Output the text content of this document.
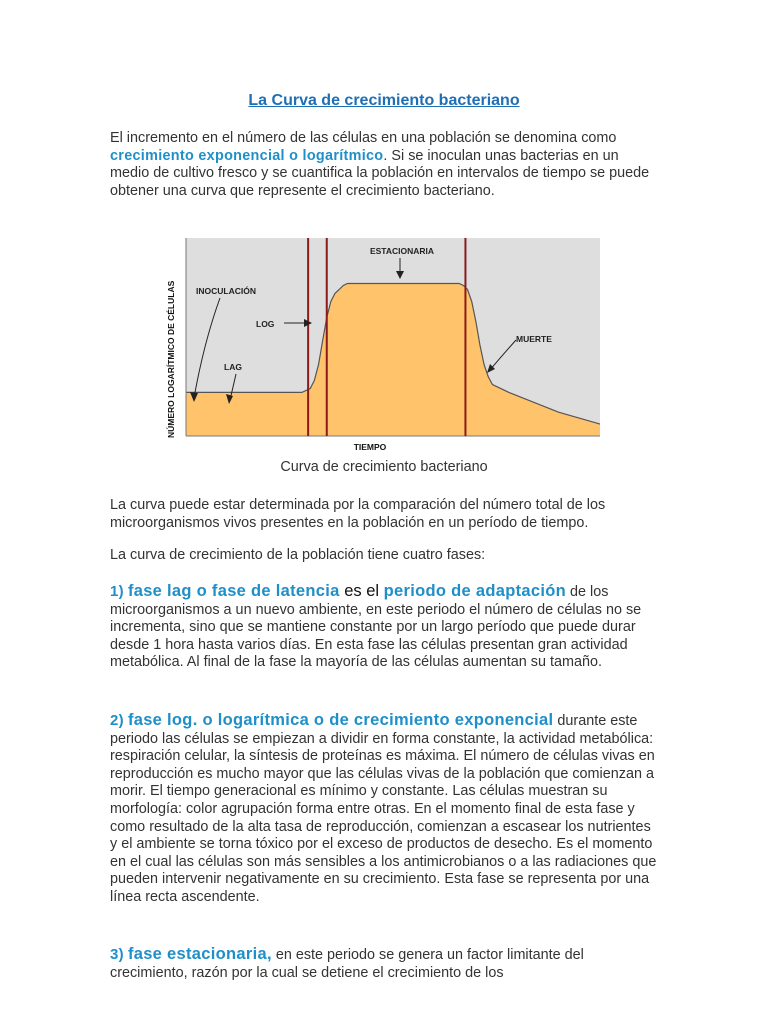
La Curva de crecimiento bacteriano
El incremento en el número de las células en una población se denomina como crecimiento exponencial o logarítmico. Si se inoculan unas bacterias en un medio de cultivo fresco y se cuantifica la población en intervalos de tiempo se puede obtener una curva que represente el crecimiento bacteriano.
NÚMERO LOGARÍTMICO DE CÉLULAS
TIEMPO
INOCULACIÓN
LOG
LAG
ESTACIONARIA
MUERTE
Curva de crecimiento bacteriano
La curva puede estar determinada por la comparación del número total de los microorganismos vivos presentes en la población en un período de tiempo.
La curva de crecimiento de la población tiene cuatro fases:
1) fase lag o fase de latencia es el periodo de adaptación de los microorganismos a un nuevo ambiente, en este periodo el número de células no se incrementa, sino que se mantiene constante por un largo período que puede durar desde 1 hora hasta varios días. En esta fase las células presentan gran actividad metabólica. Al final de la fase la mayoría de las células aumentan su tamaño.
2) fase log. o logarítmica o de crecimiento exponencial durante este periodo las células se empiezan a dividir en forma constante, la actividad metabólica: respiración celular, la síntesis de proteínas es máxima. El número de células vivas en reproducción es mucho mayor que las células vivas de la población que comienzan a morir. El tiempo generacional es mínimo y constante. Las células muestran su morfología: color agrupación forma entre otras. En el momento final de esta fase y como resultado de la alta tasa de reproducción, comienzan a escasear los nutrientes y el ambiente se torna tóxico por el exceso de productos de desecho. Es el momento en el cual las células son más sensibles a los antimicrobianos o a las radiaciones que pueden intervenir negativamente en su crecimiento. Esta fase se representa por una línea recta ascendente.
3) fase estacionaria, en este periodo se genera un factor limitante del crecimiento, razón por la cual se detiene el crecimiento de los
